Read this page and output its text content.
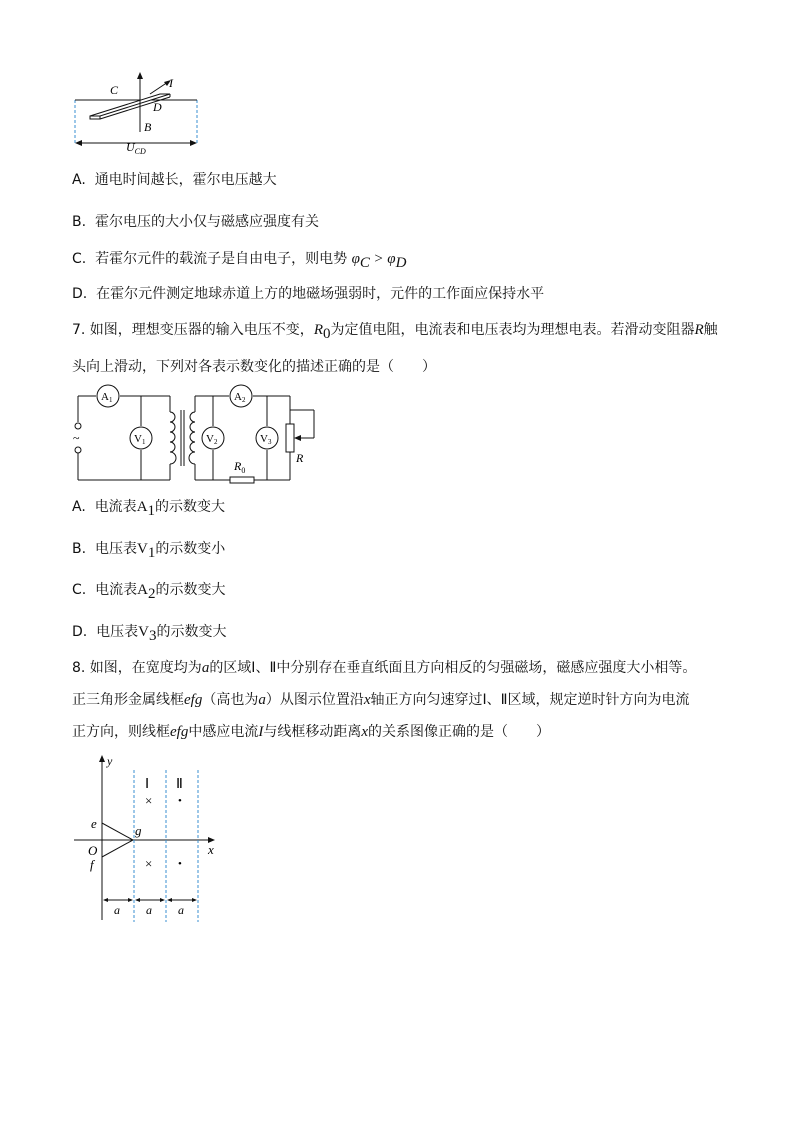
C	I
D
B
$U_{CD}$
A. 通电时间越长，霍尔电压越大
B. 霍尔电压的大小仅与磁感应强度有关
C. 若霍尔元件的载流子是自由电子，则电势 $\varphi_C > \varphi_D$
D. 在霍尔元件测定地球赤道上方的地磁场强弱时，元件的工作面应保持水平
7. 如图，理想变压器的输入电压不变，$R_0$为定值电阻，电流表和电压表均为理想电表。若滑动变阻器R触
头向上滑动，下列对各表示数变化的描述正确的是（　　）
~
R
$R_0$
A1
V1
A2
V2	V3
A. 电流表$A_1$的示数变大
B. 电压表$V_1$的示数变小
C. 电流表$A_2$的示数变大
D. 电压表$V_3$的示数变大
8. 如图，在宽度均为a的区域Ⅰ、Ⅱ中分别存在垂直纸面且方向相反的匀强磁场，磁感应强度大小相等。
正三角形金属线框efg（高也为a）从图示位置沿x轴正方向匀速穿过Ⅰ、Ⅱ区域，规定逆时针方向为电流
正方向，则线框efg中感应电流I与线框移动距离x的关系图像正确的是（　　）
y
x
O
e
f
g
Ⅰ Ⅱ
×
×
•
•
a a a
